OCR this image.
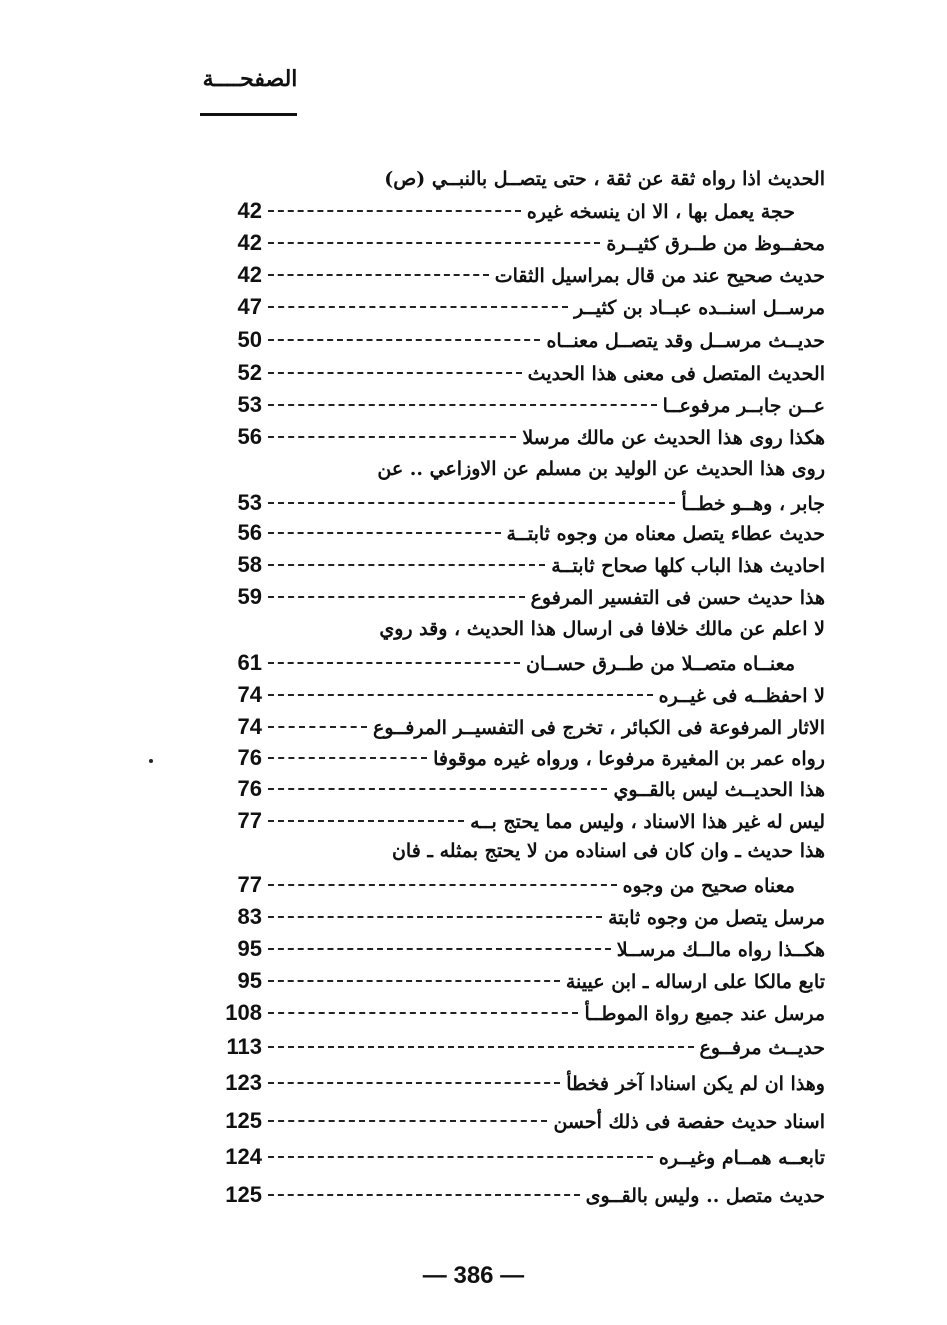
الصفحــــة
الحديث اذا رواه ثقة عن ثقة ، حتى يتصــل بالنبــي (ص)
42	حجة يعمل بها ، الا ان ينسخه غيره
42	محفــوظ من طــرق كثيــرة
42	حديث صحيح عند من قال بمراسيل الثقات
47	مرســل اسنــده عبــاد بن كثيــر
50	حديــث مرســل وقد يتصــل معنــاه
52	الحديث المتصل فى معنى هذا الحديث
53	عــن جابــر مرفوعــا
56	هكذا روى هذا الحديث عن مالك مرسلا
روى هذا الحديث عن الوليد بن مسلم عن الاوزاعي .. عن
53	جابر ، وهــو خطــأ
56	حديث عطاء يتصل معناه من وجوه ثابتــة
58	احاديث هذا الباب كلها صحاح ثابتــة
59	هذا حديث حسن فى التفسير المرفوع
لا اعلم عن مالك خلافا فى ارسال هذا الحديث ، وقد روي
61	معنــاه متصــلا من طــرق حســان
74	لا احفظــه فى غيــره
74	الاثار المرفوعة فى الكبائر ، تخرج فى التفسيــر المرفــوع
76	رواه عمر بن المغيرة مرفوعا ، ورواه غيره موقوفا
76	هذا الحديــث ليس بالقــوي
77	ليس له غير هذا الاسناد ، وليس مما يحتج بــه
هذا حديث ـ وان كان فى اسناده من لا يحتج بمثله ـ فان
77	معناه صحيح من وجوه
83	مرسل يتصل من وجوه ثابتة
95	هكــذا رواه مالــك مرســلا
95	تابع مالكا على ارساله ـ ابن عيينة
108	مرسل عند جميع رواة الموطــأ
113	حديــث مرفــوع
123	وهذا ان لم يكن اسنادا آخر فخطأ
125	اسناد حديث حفصة فى ذلك أحسن
124	تابعــه همــام وغيــره
125	حديث متصل .. وليس بالقــوى
— 386 —
